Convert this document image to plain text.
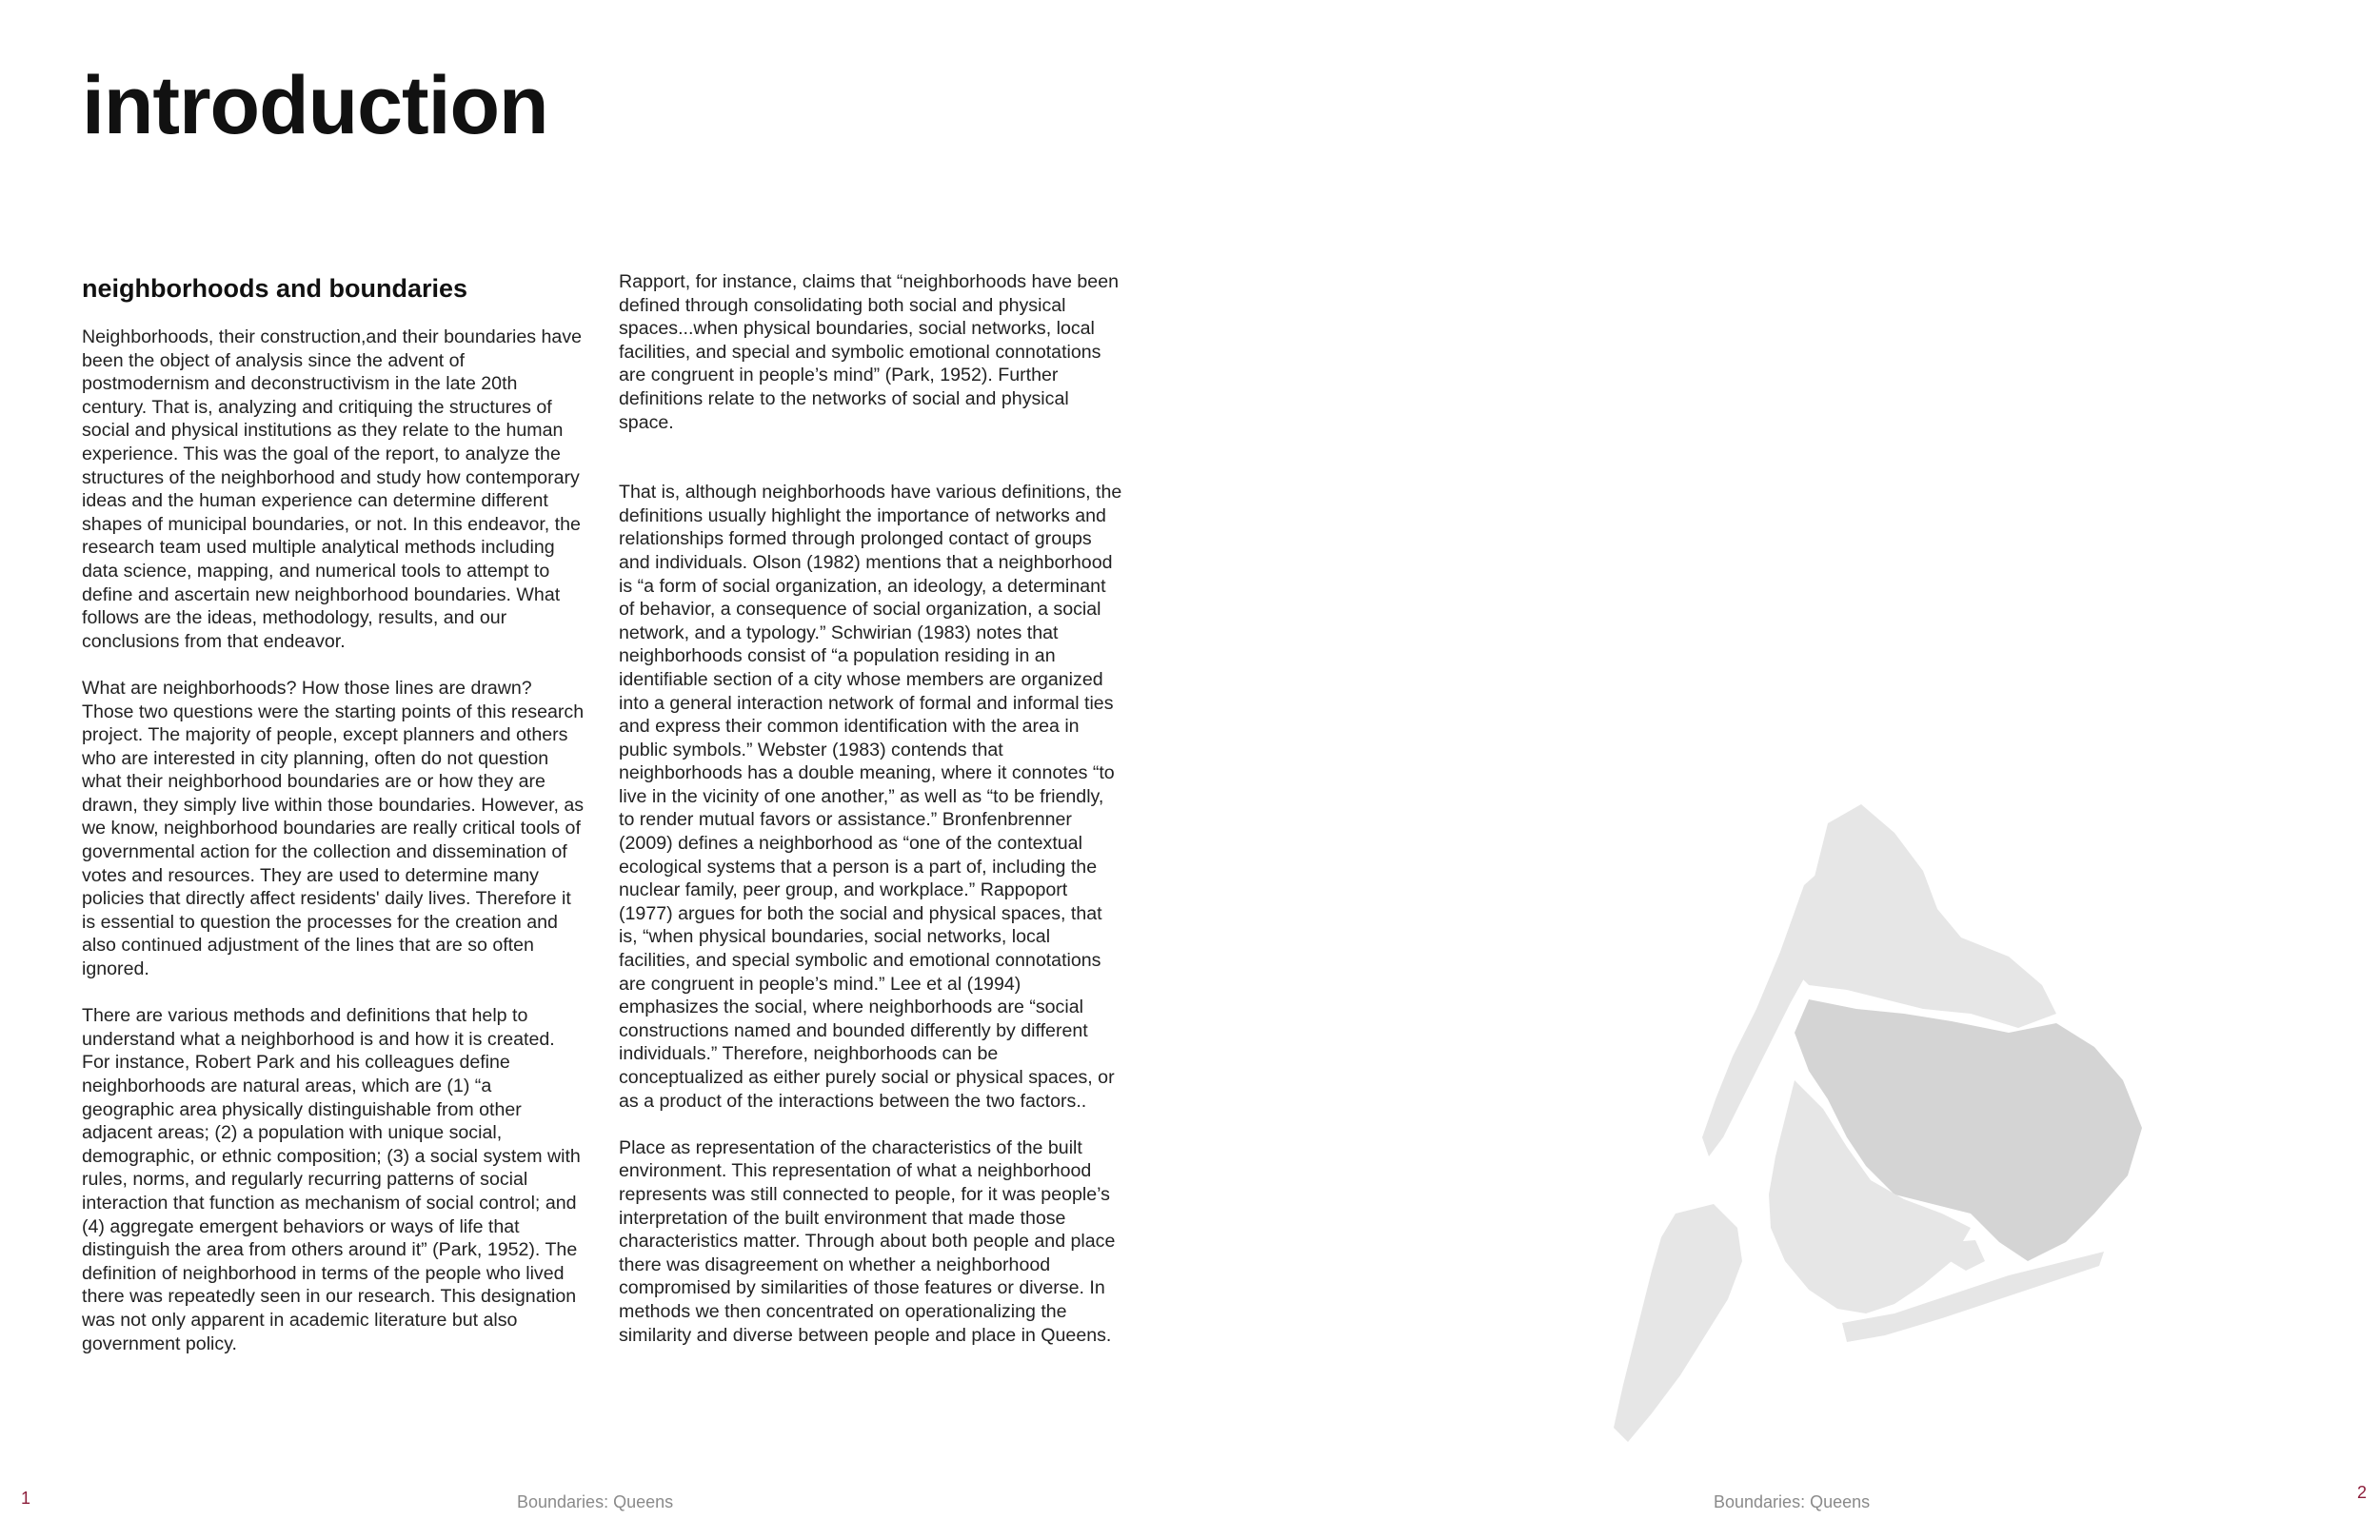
introduction
neighborhoods and boundaries

Neighborhoods, their construction,and their boundaries have been the object of analysis since the advent of postmodernism and deconstructivism in the late 20th century. That is, analyzing and critiquing the structures of social and physical institutions as they relate to the human experience. This was the goal of the report, to analyze the structures of the neighborhood and study how contemporary ideas and the human experience can determine different shapes of municipal boundaries, or not. In this endeavor, the research team used multiple analytical methods including data science, mapping, and numerical tools to attempt to define and ascertain new neighborhood boundaries. What follows are the ideas, methodology, results, and our conclusions from that endeavor.

What are neighborhoods? How those lines are drawn? Those two questions were the starting points of this research project. The majority of people, except planners and others who are interested in city planning, often do not question what their neighborhood boundaries are or how they are drawn, they simply live within those boundaries. However, as we know, neighborhood boundaries are really critical tools of governmental action for the collection and dissemination of votes and resources. They are used to determine many policies that directly affect residents' daily lives. Therefore it is essential to question the processes for the creation and also continued adjustment of the lines that are so often ignored.

There are various methods and definitions that help to understand what a neighborhood is and how it is created. For instance, Robert Park and his colleagues define neighborhoods are natural areas, which are (1) “a geographic area physically distinguishable from other adjacent areas; (2) a population with unique social, demographic, or ethnic composition; (3) a social system with rules, norms, and regularly recurring patterns of social interaction that function as mechanism of social control; and (4) aggregate emergent behaviors or ways of life that distinguish the area from others around it” (Park, 1952). The definition of neighborhood in terms of the people who lived there was repeatedly seen in our research. This designation was not only apparent in academic literature but also government policy.

Rapport, for instance, claims that “neighborhoods have been defined through consolidating both social and physical spaces...when physical boundaries, social networks, local facilities, and special and symbolic emotional connotations are congruent in people’s mind” (Park, 1952). Further definitions relate to the networks of social and physical space.

That is, although neighborhoods have various definitions, the definitions usually highlight the importance of networks and relationships formed through prolonged contact of groups and individuals. Olson (1982) mentions that a neighborhood is “a form of social organization, an ideology, a determinant of behavior, a consequence of social organization, a social network, and a typology.” Schwirian (1983) notes that neighborhoods consist of “a population residing in an identifiable section of a city whose members are organized into a general interaction network of formal and informal ties and express their common identification with the area in public symbols.” Webster (1983) contends that neighborhoods has a double meaning, where it connotes “to live in the vicinity of one another,” as well as “to be friendly, to render mutual favors or assistance.” Bronfenbrenner (2009) defines a neighborhood as “one of the contextual ecological systems that a person is a part of, including the nuclear family, peer group, and workplace.” Rappoport (1977) argues for both the social and physical spaces, that is, “when physical boundaries, social networks, local facilities, and special symbolic and emotional connotations are congruent in people’s mind.” Lee et al (1994) emphasizes the social, where neighborhoods are “social constructions named and bounded differently by different individuals.” Therefore, neighborhoods can be conceptualized as either purely social or physical spaces, or as a product of the interactions between the two factors..

Place as representation of the characteristics of the built environment. This representation of what a neighborhood represents was still connected to people, for it was people’s interpretation of the built environment that made those characteristics matter. Through about both people and place there was disagreement on whether a neighborhood compromised by similarities of those features or diverse. In methods we then concentrated on operationalizing the similarity and diverse between people and place in Queens.

1	Boundaries: Queens	Boundaries: Queens	2
